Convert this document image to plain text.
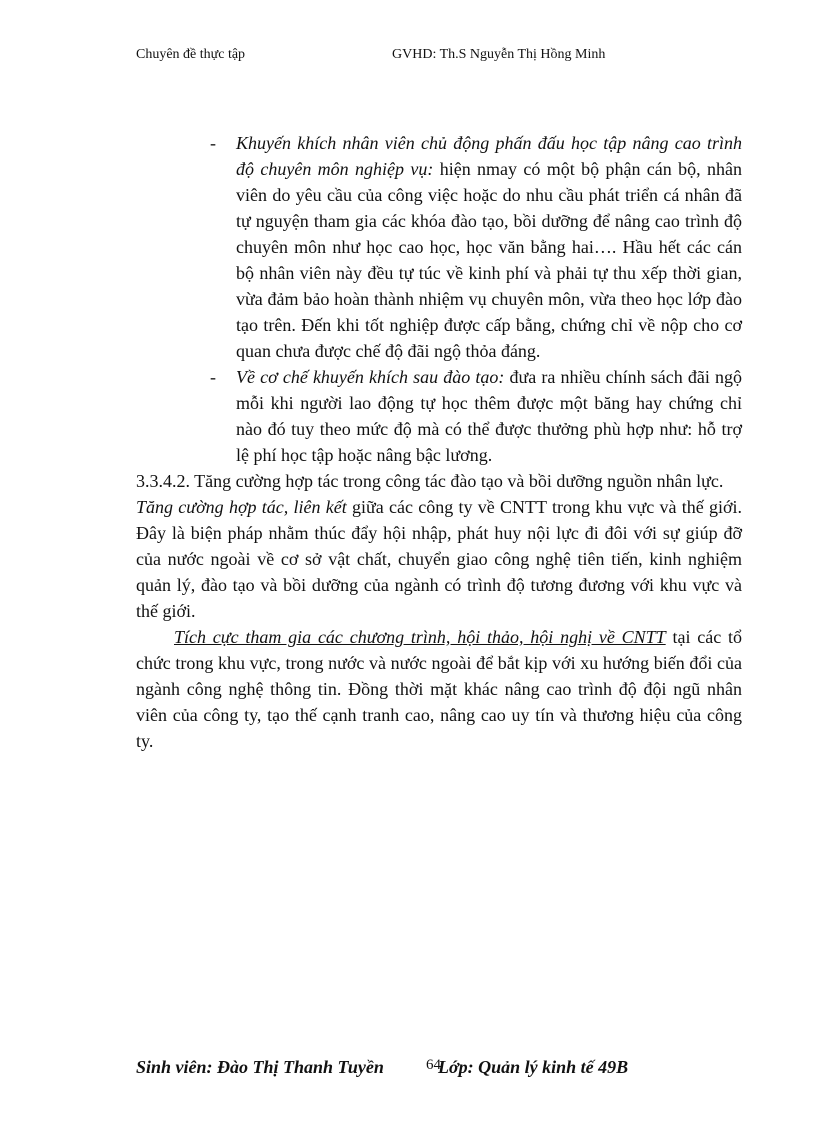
Chuyên đề thực tập	GVHD: Th.S Nguyễn Thị Hồng Minh
- Khuyến khích nhân viên chủ động phấn đấu học tập nâng cao trình độ chuyên môn nghiệp vụ: hiện nmay có một bộ phận cán bộ, nhân viên do yêu cầu của công việc hoặc do nhu cầu phát triển cá nhân đã tự nguyện tham gia các khóa đào tạo, bồi dưỡng để nâng cao trình độ chuyên môn như học cao học, học văn bằng hai…. Hầu hết các cán bộ nhân viên này đều tự túc về kinh phí và phải tự thu xếp thời gian, vừa đảm bảo hoàn thành nhiệm vụ chuyên môn, vừa theo học lớp đào tạo trên. Đến khi tốt nghiệp được cấp bằng, chứng chỉ về nộp cho cơ quan chưa được chế độ đãi ngộ thỏa đáng.
- Về cơ chế khuyến khích sau đào tạo: đưa ra nhiều chính sách đãi ngộ mỗi khi người lao động tự học thêm được một băng hay chứng chỉ nào đó tuy theo mức độ mà có thể được thưởng phù hợp như: hỗ trợ lệ phí học tập hoặc nâng bậc lương.

3.3.4.2. Tăng cường hợp tác trong công tác đào tạo và bồi dưỡng nguồn nhân lực.

Tăng cường hợp tác, liên kết giữa các công ty về CNTT trong khu vực và thế giới. Đây là biện pháp nhằm thúc đẩy hội nhập, phát huy nội lực đi đôi với sự giúp đỡ của nước ngoài về cơ sở vật chất, chuyển giao công nghệ tiên tiến, kinh nghiệm quản lý, đào tạo và bồi dưỡng của ngành có trình độ tương đương với khu vực và thế giới.

Tích cực tham gia các chương trình, hội thảo, hội nghị về CNTT tại các tổ chức trong khu vực, trong nước và nước ngoài để bắt kịp với xu hướng biến đổi của ngành công nghệ thông tin. Đồng thời mặt khác nâng cao trình độ đội ngũ nhân viên của công ty, tạo thế cạnh tranh cao, nâng cao uy tín và thương hiệu của công ty.

Sinh viên: Đào Thị Thanh Tuyền	64
Lớp: Quản lý kinh tế 49B
